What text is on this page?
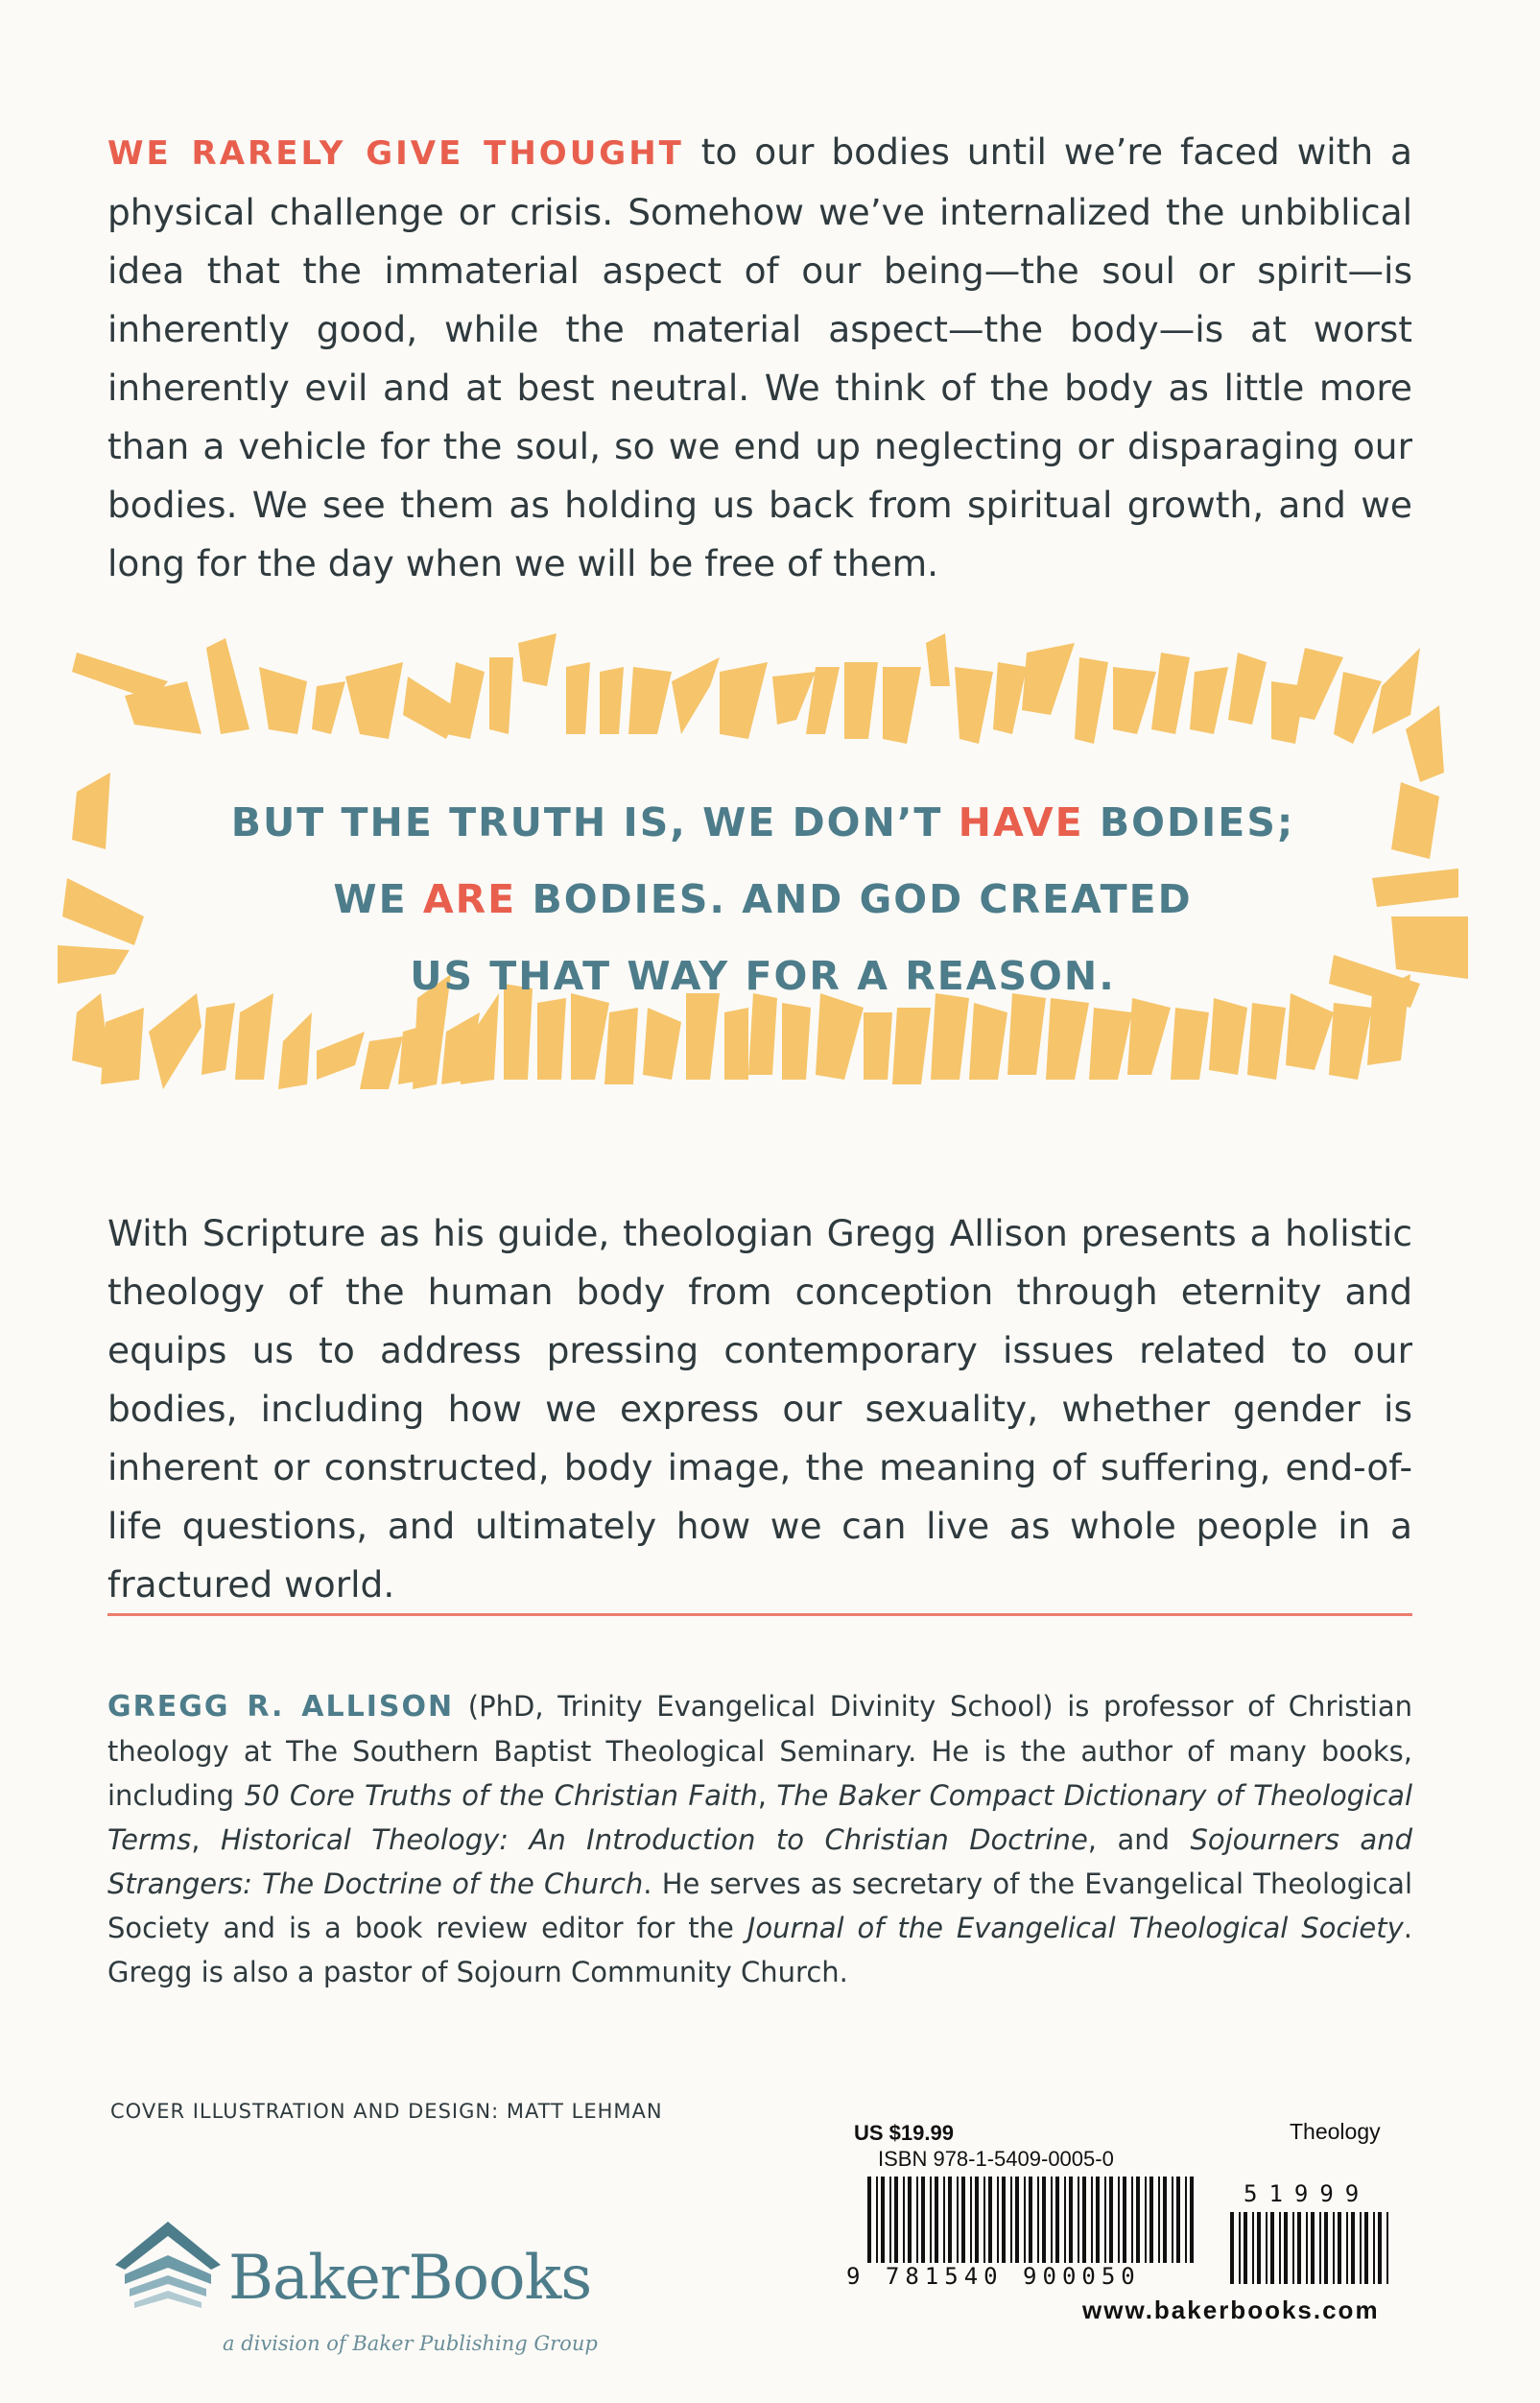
WE RARELY GIVE THOUGHT to our bodies until we’re faced with a physical challenge or crisis. Somehow we’ve internalized the unbiblical idea that the immaterial aspect of our being—the soul or spirit—is inherently good, while the material aspect—the body—is at worst inherently evil and at best neutral. We think of the body as little more than a vehicle for the soul, so we end up neglecting or disparaging our bodies. We see them as holding us back from spiritual growth, and we long for the day when we will be free of them.

BUT THE TRUTH IS, WE DON’T HAVE BODIES;
WE ARE BODIES. AND GOD CREATED
US THAT WAY FOR A REASON.

With Scripture as his guide, theologian Gregg Allison presents a holistic theology of the human body from conception through eternity and equips us to address pressing contemporary issues related to our bodies, including how we express our sexuality, whether gender is inherent or constructed, body image, the meaning of suffering, end-of-life questions, and ultimately how we can live as whole people in a fractured world.

GREGG R. ALLISON (PhD, Trinity Evangelical Divinity School) is professor of Christian theology at The Southern Baptist Theological Seminary. He is the author of many books, including 50 Core Truths of the Christian Faith, The Baker Compact Dictionary of Theological Terms, Historical Theology: An Introduction to Christian Doctrine, and Sojourners and Strangers: The Doctrine of the Church. He serves as secretary of the Evangelical Theological Society and is a book review editor for the Journal of the Evangelical Theological Society. Gregg is also a pastor of Sojourn Community Church.

COVER ILLUSTRATION AND DESIGN: MATT LEHMAN
BakerBooks
a division of Baker Publishing Group
US $19.99	Theology
ISBN 978-1-5409-0005-0
9 781540 900050
51999
www.bakerbooks.com
